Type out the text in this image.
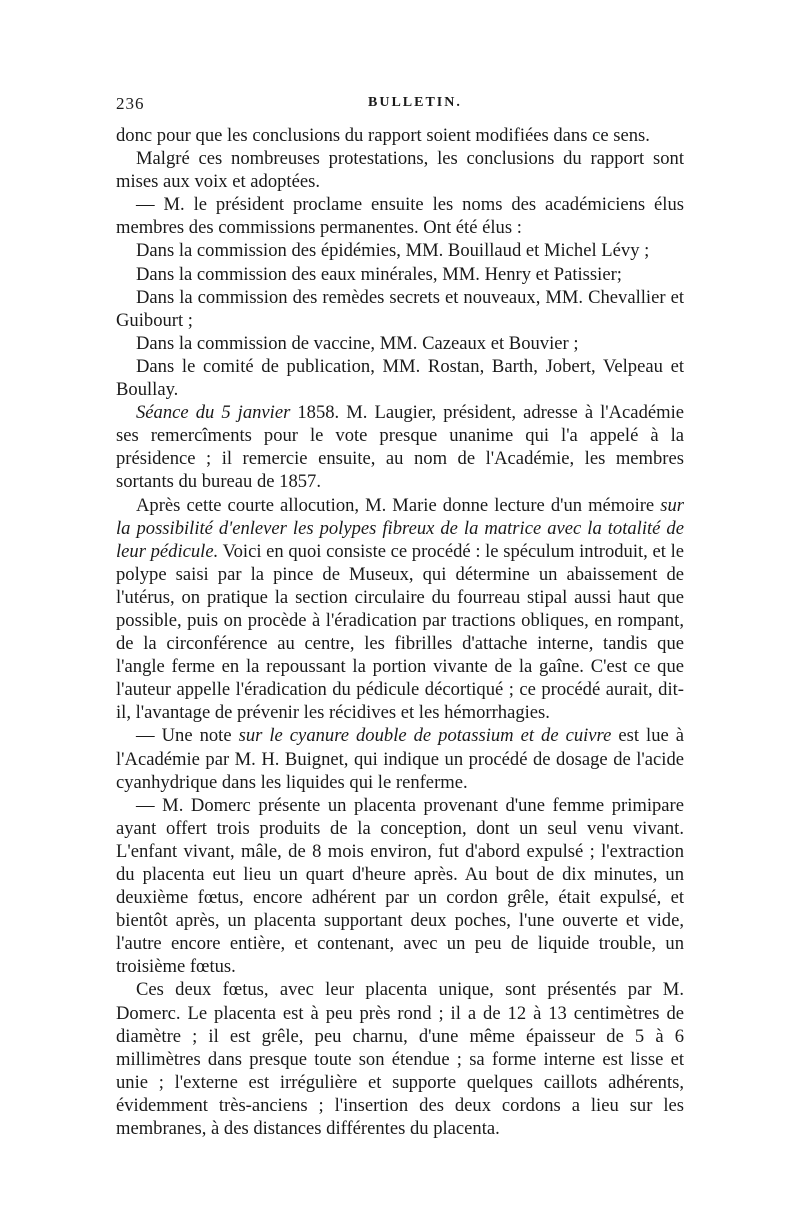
236	BULLETIN.

donc pour que les conclusions du rapport soient modifiées dans ce sens.

Malgré ces nombreuses protestations, les conclusions du rapport sont mises aux voix et adoptées.

— M. le président proclame ensuite les noms des académiciens élus membres des commissions permanentes. Ont été élus :

Dans la commission des épidémies, MM. Bouillaud et Michel Lévy ;

Dans la commission des eaux minérales, MM. Henry et Patissier;

Dans la commission des remèdes secrets et nouveaux, MM. Chevallier et Guibourt ;

Dans la commission de vaccine, MM. Cazeaux et Bouvier ;

Dans le comité de publication, MM. Rostan, Barth, Jobert, Velpeau et Boullay.

Séance du 5 janvier 1858. M. Laugier, président, adresse à l'Académie ses remercîments pour le vote presque unanime qui l'a appelé à la présidence ; il remercie ensuite, au nom de l'Académie, les membres sortants du bureau de 1857.

Après cette courte allocution, M. Marie donne lecture d'un mémoire sur la possibilité d'enlever les polypes fibreux de la matrice avec la totalité de leur pédicule. Voici en quoi consiste ce procédé : le spéculum introduit, et le polype saisi par la pince de Museux, qui détermine un abaissement de l'utérus, on pratique la section circulaire du fourreau stipal aussi haut que possible, puis on procède à l'éradication par tractions obliques, en rompant, de la circonférence au centre, les fibrilles d'attache interne, tandis que l'angle ferme en la repoussant la portion vivante de la gaîne. C'est ce que l'auteur appelle l'éradication du pédicule décortiqué ; ce procédé aurait, dit-il, l'avantage de prévenir les récidives et les hémorrhagies.

— Une note sur le cyanure double de potassium et de cuivre est lue à l'Académie par M. H. Buignet, qui indique un procédé de dosage de l'acide cyanhydrique dans les liquides qui le renferme.

— M. Domerc présente un placenta provenant d'une femme primipare ayant offert trois produits de la conception, dont un seul venu vivant. L'enfant vivant, mâle, de 8 mois environ, fut d'abord expulsé ; l'extraction du placenta eut lieu un quart d'heure après. Au bout de dix minutes, un deuxième fœtus, encore adhérent par un cordon grêle, était expulsé, et bientôt après, un placenta supportant deux poches, l'une ouverte et vide, l'autre encore entière, et contenant, avec un peu de liquide trouble, un troisième fœtus.

Ces deux fœtus, avec leur placenta unique, sont présentés par M. Domerc. Le placenta est à peu près rond ; il a de 12 à 13 centimètres de diamètre ; il est grêle, peu charnu, d'une même épaisseur de 5 à 6 millimètres dans presque toute son étendue ; sa forme interne est lisse et unie ; l'externe est irrégulière et supporte quelques caillots adhérents, évidemment très-anciens ; l'insertion des deux cordons a lieu sur les membranes, à des distances différentes du placenta.
